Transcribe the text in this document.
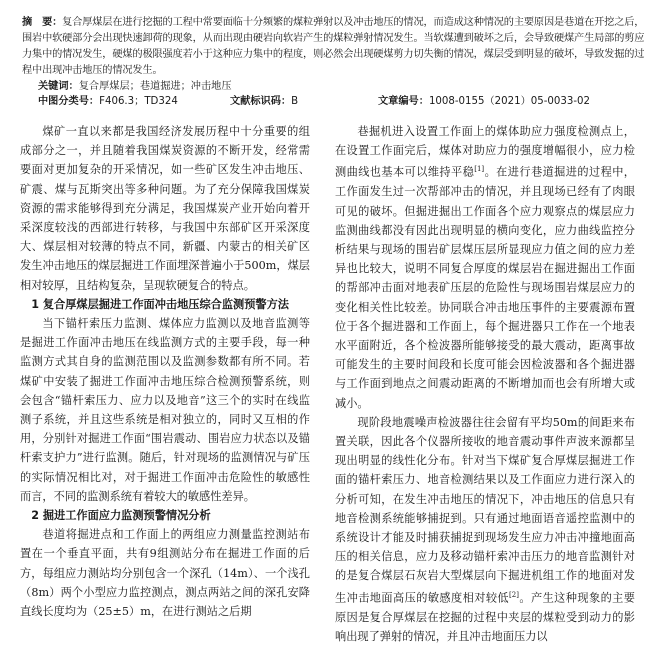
摘　要：复合厚煤层在进行挖掘的工程中常要面临十分频繁的煤粒弹射以及冲击地压的情况，而造成这种情况的主要原因是巷道在开挖之后，围岩中软硬部分会出现快速卸荷的现象，从而出现由硬岩向软岩产生的煤粒弹射情况发生。当软煤遭到破坏之后，会导致硬煤产生局部的剪应力集中的情况发生，硬煤的极限强度若小于这种应力集中的程度，则必然会出现硬煤剪力切失衡的情况，煤层受到明显的破坏，导致发掘的过程中出现冲击地压的情况发生。

关键词：复合厚煤层；巷道掘进；冲击地压
中图分类号：F406.3；TD324	文献标识码：B	文章编号：1008-0155（2021）05-0033-02

煤矿一直以来都是我国经济发展历程中十分重要的组成部分之一，并且随着我国煤炭资源的不断开发，经常需要面对更加复杂的开采情况，如一些矿区发生冲击地压、矿震、煤与瓦斯突出等多种问题。为了充分保障我国煤炭资源的需求能够得到充分满足，我国煤炭产业开始向着开采深度较浅的西部进行转移，与我国中东部矿区开采深度大、煤层相对较薄的特点不同，新疆、内蒙古的相关矿区发生冲击地压的煤层掘进工作面埋深普遍小于500m，煤层相对较厚，且结构复杂，呈现软硬复合的特点。

1 复合厚煤层掘进工作面冲击地压综合监测预警方法

当下锚杆索压力监测、煤体应力监测以及地音监测等是掘进工作面冲击地压在线监测方式的主要手段，每一种监测方式其自身的监测范围以及监测参数都有所不同。若煤矿中安装了掘进工作面冲击地压综合检测预警系统，则会包含“锚杆索压力、应力以及地音”这三个的实时在线监测子系统，并且这些系统是相对独立的，同时又互相的作用，分别针对掘进工作面“围岩震动、围岩应力状态以及锚杆索支护力”进行监测。随后，针对现场的监测情况与矿压的实际情况相比对，对于掘进工作面冲击危险性的敏感性而言，不同的监测系统有着较大的敏感性差异。

2 掘进工作面应力监测预警情况分析

巷道将掘进点和工作面上的两组应力测量监控测站布置在一个垂直平面，共有9组测站分布在掘进工作面的后方，每组应力测站均分别包含一个深孔（14m）、一个浅孔（8m）两个小型应力监控测点，测点两站之间的深孔安降直线长度均为（25±5）m，在进行测站之后期

巷掘机进入设置工作面上的煤体助应力强度检测点上，在设置工作面完后，煤体对助应力的强度增幅很小，应力检测曲线也基本可以维持平稳[1]。在进行巷道掘进的过程中，工作面发生过一次帮部冲击的情况，并且现场已经有了肉眼可见的破坏。但掘进掘出工作面各个应力观察点的煤层应力监测曲线都没有因此出现明显的横向变化，应力曲线监控分析结果与现场的围岩矿层煤压层所显现应力值之间的应力差异也比较大，说明不同复合厚度的煤层岩在掘进掘出工作面的帮部冲击面对地表矿压层的危险性与现场围岩煤层应力的变化相关性比较差。协同联合冲击地压事件的主要震源布置位于各个掘进器和工作面上，每个掘进器只工作在一个地表水平面附近，各个检波器所能够接受的最大震动，距离事故可能发生的主要时间段和长度可能会因检波器和各个掘进器与工作面到地点之间震动距离的不断增加而也会有所增大或减小。

现阶段地震噪声检波器往往会留有平均50m的间距来布置关联，因此各个仪器所接收的地音震动事件声波来源都呈现出明显的线性化分布。针对当下煤矿复合厚煤层掘进工作面的锚杆索压力、地音检测结果以及工作面应力进行深入的分析可知，在发生冲击地压的情况下，冲击地压的信息只有地音检测系统能够捕捉到。只有通过地面语音遥控监测中的系统设计才能及时捕获捕捉到现场发生应力冲击冲撞地面高压的相关信息，应力及移动锚杆索冲击压力的地音监测针对的是复合煤层石灰岩大型煤层向下掘进机组工作的地面对发生冲击地面高压的敏感度相对较低[2]。产生这种现象的主要原因是复合厚煤层在挖掘的过程中夹层的煤粒受到动力的影响出现了弹射的情况，并且冲击地面压力以
